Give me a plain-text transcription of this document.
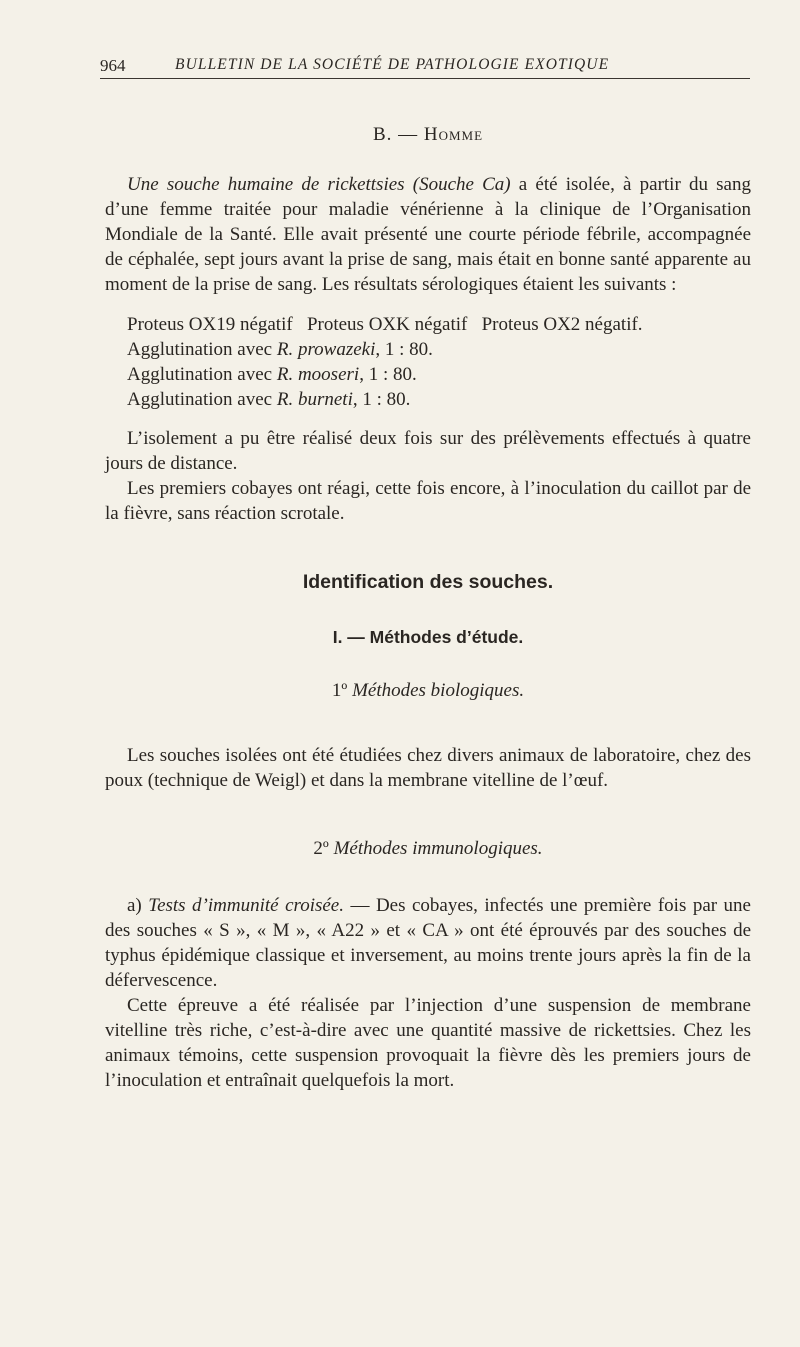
964	BULLETIN DE LA SOCIÉTÉ DE PATHOLOGIE EXOTIQUE
B. — Homme

Une souche humaine de rickettsies (Souche Ca) a été isolée, à partir du sang d’une femme traitée pour maladie vénérienne à la clinique de l’Organisation Mondiale de la Santé. Elle avait présenté une courte période fébrile, accompagnée de céphalée, sept jours avant la prise de sang, mais était en bonne santé apparente au moment de la prise de sang. Les résultats sérologiques étaient les suivants :

Proteus OX19 négatif   Proteus OXK négatif   Proteus OX2 négatif.
Agglutination avec R. prowazeki, 1 : 80.
Agglutination avec R. mooseri, 1 : 80.
Agglutination avec R. burneti, 1 : 80.

L’isolement a pu être réalisé deux fois sur des prélèvements effectués à quatre jours de distance.

Les premiers cobayes ont réagi, cette fois encore, à l’inoculation du caillot par de la fièvre, sans réaction scrotale.

Identification des souches.
I. — Méthodes d’étude.
1º Méthodes biologiques.

Les souches isolées ont été étudiées chez divers animaux de laboratoire, chez des poux (technique de Weigl) et dans la membrane vitelline de l’œuf.

2º Méthodes immunologiques.

a) Tests d’immunité croisée. — Des cobayes, infectés une première fois par une des souches « S », « M », « A22 » et « CA » ont été éprouvés par des souches de typhus épidémique classique et inversement, au moins trente jours après la fin de la défervescence.

Cette épreuve a été réalisée par l’injection d’une suspension de membrane vitelline très riche, c’est-à-dire avec une quantité massive de rickettsies. Chez les animaux témoins, cette suspension provoquait la fièvre dès les premiers jours de l’inoculation et entraînait quelquefois la mort.
